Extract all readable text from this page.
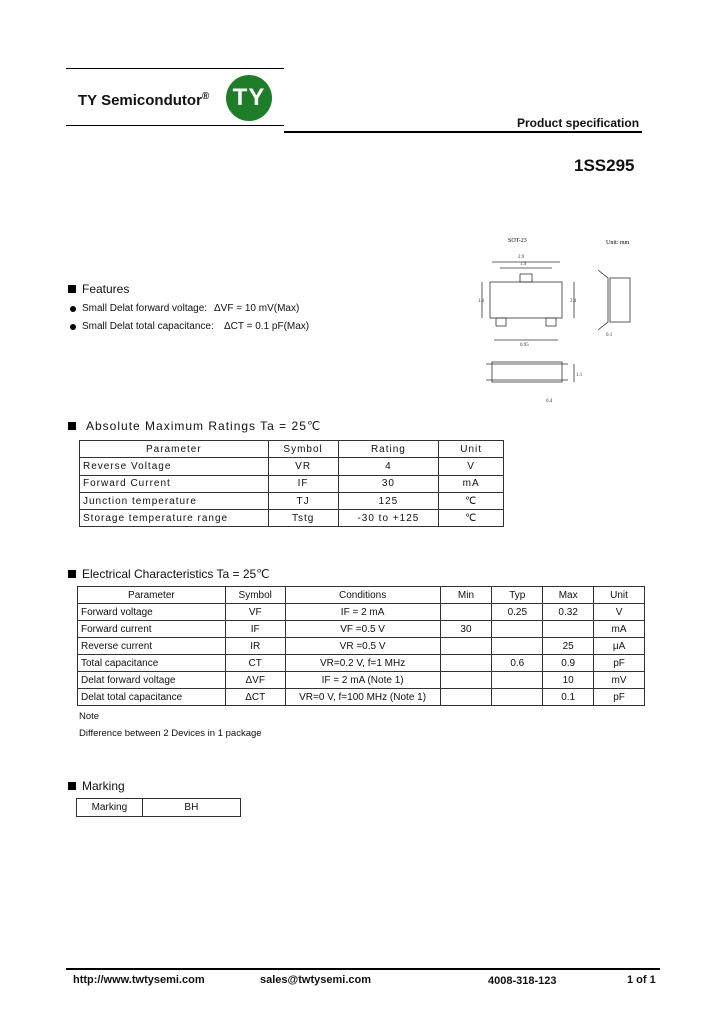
TY Semicondutor® TY
Product specification
1SS295
SOT-23	Unit: mm
2.9
1.9
1.3	2.4
0.95
0.1
1.1
0.4
Features
Small Delat forward voltage: ΔVF = 10 mV(Max)
Small Delat total capacitance:	ΔCT = 0.1 pF(Max)
Absolute Maximum Ratings Ta = 25℃
Parameter	Symbol	Rating	Unit
Reverse Voltage	VR	4	V
Forward Current	IF	30	mA
Junction temperature	TJ	125	℃
Storage temperature range	Tstg	-30 to +125	℃
Electrical Characteristics Ta = 25℃
Parameter	Symbol	Conditions	Min	Typ	Max	Unit
Forward voltage	VF	IF = 2 mA		0.25	0.32	V
Forward current	IF	VF =0.5 V	30			mA
Reverse current	IR	VR =0.5 V			25	μA
Total capacitance	CT	VR=0.2 V, f=1 MHz		0.6	0.9	pF
Delat forward voltage	ΔVF	IF = 2 mA (Note 1)			10	mV
Delat total capacitance	ΔCT	VR=0 V, f=100 MHz (Note 1)			0.1	pF
Note
Difference between 2 Devices in 1 package
Marking
Marking	BH
http://www.twtysemi.com	sales@twtysemi.com	4008-318-123	1 of 1
